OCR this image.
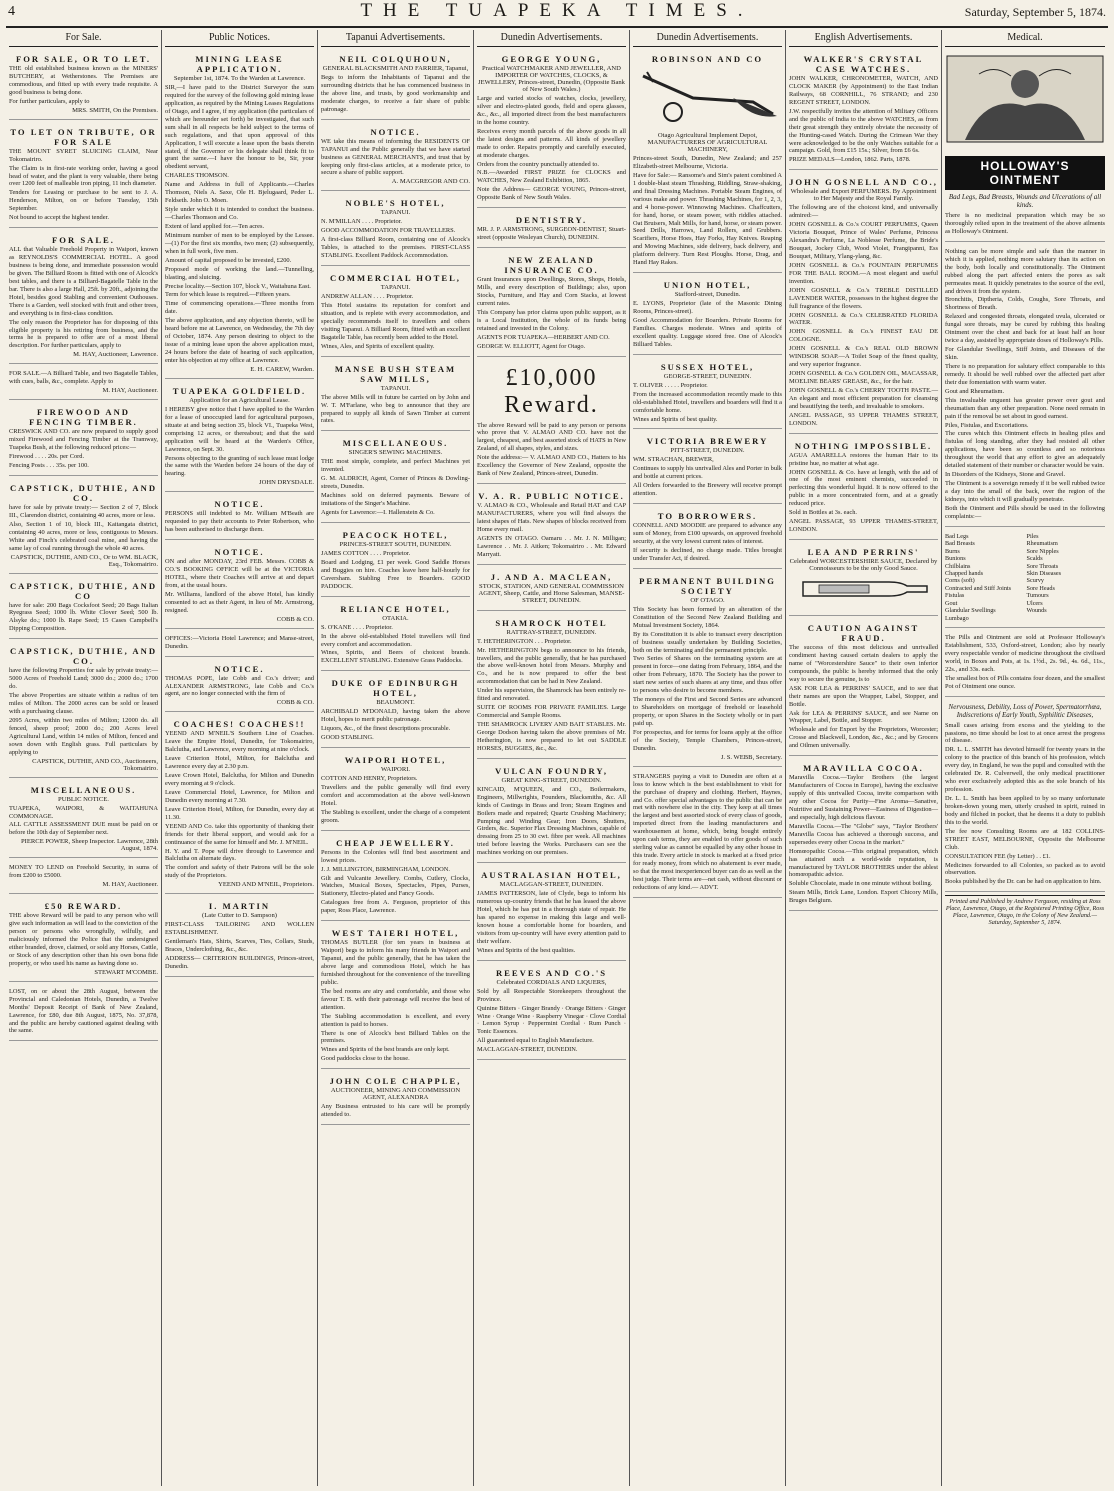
4	THE TUAPEKA TIMES.	Saturday, September 5, 1874.
For Sale.
FOR SALE, OR TO LET.

THE old established business known as the MINERS' BUTCHERY, at Wetherstones. The Premises are commodious, and fitted up with every trade requisite. A good business is being done.

For further particulars, apply to

MRS. SMITH, On the Premises.
TO LET ON TRIBUTE, OR FOR SALE

THE MOUNT SYRET SLUICING CLAIM, Near Tokomairiro.

The Claim is in first-rate working order, having a good head of water, and the plant is very valuable, there being over 1200 feet of malleable iron piping, 11 inch diameter.

Tenders for Leasing or purchase to be sent to J. A. Henderson, Milton, on or before Tuesday, 15th September.

Not bound to accept the highest tender.

FOR SALE.

ALL that Valuable Freehold Property in Waipori, known as REYNOLDS'S COMMERCIAL HOTEL. A good business is being done, and immediate possession would be given. The Billiard Room is fitted with one of Alcock's best tables, and there is a Billiard-Bagatelle Table in the bar. There is also a large Hall, 25ft. by 20ft., adjoining the Hotel, besides good Stabling and convenient Outhouses. There is a Garden, well stocked with fruit and other trees, and everything is in first-class condition.

The only reason the Proprietor has for disposing of this eligible property is his retiring from business, and the terms he is prepared to offer are of a most liberal description. For further particulars, apply to

M. HAY, Auctioneer, Lawrence.

FOR SALE.—A Billiard Table, and two Bagatelle Tables, with cues, balls, &c., complete. Apply to

M. HAY, Auctioneer.
FIREWOOD AND FENCING TIMBER.

CRESWICK AND CO. are now prepared to supply good mixed Firewood and Fencing Timber at the Tramway, Tuapeka Bush, at the following reduced prices:—

Firewood . . . . 20s. per Cord.

Fencing Posts . . . 35s. per 100.

CAPSTICK, DUTHIE, AND CO.

have for sale by private treaty:— Section 2 of 7, Block III., Clarendon district, containing 40 acres, more or less.

Also, Section 1 of 10, block III., Kaitangata district, containing 40 acres, more or less, contiguous to Messrs. White and Finch's celebrated coal mine, and having the same lay of coal running through the whole 40 acres.

CAPSTICK, DUTHIE, AND CO., Or to WM. BLACK, Esq., Tokomairiro.
CAPSTICK, DUTHIE, AND CO

have for sale: 200 Bags Cocksfoot Seed; 20 Bags Italian Ryegrass Seed; 1000 lb. White Clover Seed; 500 lb. Alsyke do.; 1000 lb. Rape Seed; 15 Cases Campbell's Dipping Composition.

CAPSTICK, DUTHIE, AND CO.

have the following Properties for sale by private treaty:— 5000 Acres of Freehold Land; 3000 do.; 2000 do.; 1700 do.

The above Properties are situate within a radius of ten miles of Milton. The 2000 acres can be sold or leased with a purchasing clause.

2095 Acres, within two miles of Milton; 12000 do. all fenced, sheep proof; 2000 do.; 200 Acres level Agricultural Land, within 14 miles of Milton, fenced and sown down with English grass. Full particulars by applying to

CAPSTICK, DUTHIE, AND CO., Auctioneers, Tokomairiro.
MISCELLANEOUS.
PUBLIC NOTICE.

TUAPEKA, WAIPORI, & WAITAHUNA COMMONAGE.

ALL CATTLE ASSESSMENT DUE must be paid on or before the 10th day of September next.

PIERCE POWER, Sheep Inspector. Lawrence, 28th August, 1874.

MONEY TO LEND on Freehold Security, in sums of from £200 to £5000.

M. HAY, Auctioneer.
£50 REWARD.

THE above Reward will be paid to any person who will give such information as will lead to the conviction of the person or persons who wrongfully, wilfully, and maliciously informed the Police that the undersigned either branded, drove, claimed, or sold any Horses, Cattle, or Stock of any description other than his own bona fide property, or who used his name as having done so.

STEWART M'COMBE.

LOST, on or about the 28th August, between the Provincial and Caledonian Hotels, Dunedin, a Twelve Months' Deposit Receipt of Bank of New Zealand, Lawrence, for £80, due 8th August, 1875, No. 37,878, and the public are hereby cautioned against dealing with the same.

Public Notices.
MINING LEASE APPLICATION.
September 1st, 1874. To the Warden at Lawrence.

SIR,—I have paid to the District Surveyor the sum required for the survey of the following gold mining lease application, as required by the Mining Leases Regulations of Otago, and I agree, if my application (the particulars of which are hereunder set forth) be investigated, that such sum shall in all respects be held subject to the terms of such regulations, and that upon approval of this Application, I will execute a lease upon the basis therein stated, if the Governor or his delegate shall think fit to grant the same.—I have the honour to be, Sir, your obedient servant,

CHARLES THOMSON.

Name and Address in full of Applicants.—Charles Thomson, Niels A. Saxe, Ole H. Bjelugaard, Peder L. Feldseth. John O. Moen.

Style under which it is intended to conduct the business.—Charles Thomson and Co.

Extent of land applied for.—Ten acres.

Minimum number of men to be employed by the Lessee.—(1) For the first six months, two men; (2) subsequently, when in full work, five men.

Amount of capital proposed to be invested, £200.

Proposed mode of working the land.—Tunnelling, blasting, and sluicing.

Precise locality.—Section 107, block V., Waitahuna East.

Term for which lease is required.—Fifteen years.

Time of commencing operations.—Three months from date.

The above application, and any objection thereto, will be heard before me at Lawrence, on Wednesday, the 7th day of October, 1874. Any person desiring to object to the issue of a mining lease upon the above application must, 24 hours before the date of hearing of such application, enter his objection at my office at Lawrence.

E. H. CAREW, Warden.
TUAPEKA GOLDFIELD.
Application for an Agricultural Lease.

I HEREBY give notice that I have applied to the Warden for a lease of unoccupied land for agricultural purposes, situate at and being section 35, block VI., Tuapeka West, comprising 12 acres, or thereabout; and that the said application will be heard at the Warden's Office, Lawrence, on Sept. 30.

Persons objecting to the granting of such lease must lodge the same with the Warden before 24 hours of the day of hearing.

JOHN DRYSDALE.
NOTICE.

PERSONS still indebted to Mr. William M'Beath are requested to pay their accounts to Peter Robertson, who has been authorised to discharge them.

NOTICE.

ON and after MONDAY, 23rd FEB. Messrs. COBB & CO.'S BOOKING OFFICE will be at the VICTORIA HOTEL, where their Coaches will arrive at and depart from, at the usual hours.

Mr. Williams, landlord of the above Hotel, has kindly consented to act as their Agent, in lieu of Mr. Armstrong, resigned.

COBB & CO.

OFFICES:—Victoria Hotel Lawrence; and Manse-street, Dunedin.

NOTICE.

THOMAS POPE, late Cobb and Co.'s driver; and ALEXANDER ARMSTRONG, late Cobb and Co.'s agent, are no longer connected with the firm of

COBB & CO.
COACHES! COACHES!!

YEEND AND M'NEIL'S Southern Line of Coaches. Leave the Empire Hotel, Dunedin, for Tokomairiro, Balclutha, and Lawrence, every morning at nine o'clock.

Leave Criterion Hotel, Milton, for Balclutha and Lawrence every day at 2.30 p.m.

Leave Crown Hotel, Balclutha, for Milton and Dunedin every morning at 9 o'clock.

Leave Commercial Hotel, Lawrence, for Milton and Dunedin every morning at 7.30.

Leave Criterion Hotel, Milton, for Dunedin, every day at 11.30.

YEEND AND Co. take this opportunity of thanking their friends for their liberal support, and would ask for a continuance of the same for himself and Mr. J. M'NEIL.

H. Y. and T. Pope will drive through to Lawrence and Balclutha on alternate days.

The comfort and safety of their Patrons will be the sole study of the Proprietors.

YEEND AND M'NEIL, Proprietors.
I. MARTIN
(Late Cutter to D. Sampson)

FIRST-CLASS TAILORING AND WOLLEN ESTABLISHMENT.

Gentleman's Hats, Shirts, Scarves, Ties, Collars, Studs, Braces, Underclothing, &c., &c.

ADDRESS— CRITERION BUILDINGS, Princes-street, Dunedin.

Tapanui Advertisements.
NEIL COLQUHOUN,
GENERAL BLACKSMITH AND FARRIER, Tapanui,

Begs to inform the Inhabitants of Tapanui and the surrounding districts that he has commenced business in the above line, and trusts, by good workmanship and moderate charges, to receive a fair share of public patronage.

NOTICE.

WE take this means of informing the RESIDENTS OF TAPANUI and the Public generally that we have started business as GENERAL MERCHANTS, and trust that by keeping only first-class articles, at a moderate price, to secure a share of public support.

A. MACGREGOR AND CO.
NOBLE'S HOTEL,
TAPANUI.

N. M'MILLAN . . . . Proprietor.

GOOD ACCOMMODATION FOR TRAVELLERS.

A first-class Billiard Room, containing one of Alcock's Tables, is attached to the premises. FIRST-CLASS STABLING. Excellent Paddock Accommodation.

COMMERCIAL HOTEL,
TAPANUI.

ANDREW ALLAN . . . . Proprietor.

This Hotel sustains its reputation for comfort and situation, and is replete with every accommodation, and specially recommends itself to travellers and others visiting Tapanui. A Billiard Room, fitted with an excellent Bagatelle Table, has recently been added to the Hotel.

Wines, Ales, and Spirits of excellent quality.

MANSE BUSH STEAM SAW MILLS,
TAPANUI.

The above Mills will in future be carried on by John and W. T. M'Farlane, who beg to announce that they are prepared to supply all kinds of Sawn Timber at current rates.

MISCELLANEOUS.
SINGER'S SEWING MACHINES.

THE most simple, complete, and perfect Machines yet invented.

G. M. ALDRICH, Agent, Corner of Princes & Dowling-streets, Dunedin.

Machines sold on deferred payments. Beware of imitations of the Singer's Machine.

Agents for Lawrence:—I. Hallenstein & Co.

PEACOCK HOTEL,
PRINCES-STREET SOUTH, DUNEDIN.

JAMES COTTON . . . . Proprietor.

Board and Lodging, £1 per week. Good Saddle Horses and Buggies on hire. Coaches leave here half-hourly for Caversham. Stabling Free to Boarders. GOOD PADDOCK.

RELIANCE HOTEL,
OTAKIA.

S. O'KANE . . . . Proprietor.

In the above old-established Hotel travellers will find every comfort and accommodation.

Wines, Spirits, and Beers of choicest brands. EXCELLENT STABLING. Extensive Grass Paddocks.

DUKE OF EDINBURGH HOTEL,
BEAUMONT.

ARCHIBALD M'DONALD, having taken the above Hotel, hopes to merit public patronage.

Liquors, &c., of the finest descriptions procurable.

GOOD STABLING.

WAIPORI HOTEL,
WAIPORI.

COTTON AND HENRY, Proprietors.

Travellers and the public generally will find every comfort and accommodation at the above well-known Hotel.

The Stabling is excellent, under the charge of a competent groom.

CHEAP JEWELLERY.

Persons in the Colonies will find best assortment and lowest prices.

J. J. MILLINGTON, BIRMINGHAM, LONDON.

Gilt and Vulcanite Jewellery. Combs, Cutlery, Clocks, Watches, Musical Boxes, Spectacles, Pipes, Purses, Stationery, Electro-plated and Fancy Goods.

Catalogues free from A. Ferguson, proprietor of this paper, Ross Place, Lawrence.

WEST TAIERI HOTEL,

THOMAS BUTLER (for ten years in business at Waipori) begs to inform his many friends in Waipori and Tapanui, and the public generally, that he has taken the above large and commodious Hotel, which he has furnished throughout for the convenience of the travelling public.

The bed rooms are airy and comfortable, and those who favour T. B. with their patronage will receive the best of attention.

The Stabling accommodation is excellent, and every attention is paid to horses.

There is one of Alcock's best Billiard Tables on the premises.

Wines and Spirits of the best brands are only kept.

Good paddocks close to the house.

JOHN COLE CHAPPLE,
AUCTIONEER, MINING AND COMMISSION AGENT, ALEXANDRA

Any Business entrusted to his care will be promptly attended to.

Dunedin Advertisements.
GEORGE YOUNG,
Practical WATCHMAKER AND JEWELLER, AND IMPORTER OF WATCHES, CLOCKS, & JEWELLERY, Princes-street, Dunedin, (Opposite Bank of New South Wales.)

Large and varied stocks of watches, clocks, jewellery, silver and electro-plated goods, field and opera glasses, &c., &c., all imported direct from the best manufacturers in the home country.

Receives every month parcels of the above goods in all the latest designs and patterns. All kinds of jewellery made to order. Repairs promptly and carefully executed, at moderate charges.

Orders from the country punctually attended to.

N.B.—Awarded FIRST PRIZE for CLOCKS and WATCHES, New Zealand Exhibition, 1865.

Note the Address— GEORGE YOUNG, Princes-street, Opposite Bank of New South Wales.

DENTISTRY.

MR. J. P. ARMSTRONG, SURGEON-DENTIST, Stuart-street (opposite Wesleyan Church), DUNEDIN.

NEW ZEALAND INSURANCE CO.

Grant Insurances upon Dwellings, Stores, Shops, Hotels, Mills, and every description of Buildings; also, upon Stocks, Furniture, and Hay and Corn Stacks, at lowest current rates.

This Company has prior claims upon public support, as it is a Local Institution, the whole of its funds being retained and invested in the Colony.

AGENTS FOR TUAPEKA—HERBERT AND CO.

GEORGE W. ELLIOTT, Agent for Otago.

£10,000 Reward.

The above Reward will be paid to any person or persons who prove that V. ALMAO AND CO. have not the largest, cheapest, and best assorted stock of HATS in New Zealand, of all shapes, styles, and sizes.

Note the address:— V. ALMAO AND CO., Hatters to his Excellency the Governor of New Zealand, opposite the Bank of New Zealand, Princes-street, Dunedin.

V. A. R. PUBLIC NOTICE.

V. ALMAO & CO., Wholesale and Retail HAT and CAP MANUFACTURERS, where you will find always the latest shapes of Hats. New shapes of blocks received from Home every mail.

AGENTS IN OTAGO. Oamaru . . Mr. J. N. Milligan; Lawrence . . Mr. J. Aitken; Tokomairiro . . Mr. Edward Marryatt.

J. AND A. MACLEAN,
STOCK, STATION, AND GENERAL COMMISSION AGENT, Sheep, Cattle, and Horse Salesman, MANSE-STREET, DUNEDIN.
SHAMROCK HOTEL
RATTRAY-STREET, DUNEDIN.

T. HETHERINGTON . . . Proprietor.

Mr. HETHERINGTON begs to announce to his friends, travellers, and the public generally, that he has purchased the above well-known hotel from Messrs. Murphy and Co., and he is now prepared to offer the best accommodation that can be had in New Zealand.

Under his supervision, the Shamrock has been entirely re-fitted and renovated.

SUITE OF ROOMS FOR PRIVATE FAMILIES. Large Commercial and Sample Rooms.

THE SHAMROCK LIVERY AND BAIT STABLES. Mr. George Dodson having taken the above premises of Mr. Hetherington, is now prepared to let out SADDLE HORSES, BUGGIES, &c., &c.

VULCAN FOUNDRY,
GREAT KING-STREET, DUNEDIN.

KINCAID, M'QUEEN, and CO., Boilermakers, Engineers, Millwrights, Founders, Blacksmiths, &c. All kinds of Castings in Brass and Iron; Steam Engines and Boilers made and repaired; Quartz Crushing Machinery; Pumping and Winding Gear; Iron Doors, Shutters, Girders, &c. Superior Flax Dressing Machines, capable of dressing from 25 to 30 cwt. fibre per week. All machines tried before leaving the Works. Purchasers can see the machines working on our premises.

AUSTRALASIAN HOTEL,
MACLAGGAN-STREET, DUNEDIN.

JAMES PATTERSON, late of Clyde, begs to inform his numerous up-country friends that he has leased the above Hotel, which he has put in a thorough state of repair. He has spared no expense in making this large and well-known house a comfortable home for boarders, and visitors from up-country will have every attention paid to their welfare.

Wines and Spirits of the best qualities.

REEVES AND CO.'S
Celebrated CORDIALS AND LIQUERS,

Sold by all Respectable Storekeepers throughout the Province.

Quinine Bitters · Ginger Brandy · Orange Bitters · Ginger Wine · Orange Wine · Raspberry Vinegar · Clove Cordial · Lemon Syrup · Peppermint Cordial · Rum Punch · Tonic Essences.

All guaranteed equal to English Manufacture.

MACLAGGAN-STREET, DUNEDIN.

Dunedin Advertisements.
ROBINSON AND CO
Otago Agricultural Implement Depot, MANUFACTURERS OF AGRICULTURAL MACHINERY,

Princes-street South, Dunedin, New Zealand; and 257 Elizabeth-street Melbourne, Victoria.

Have for Sale:— Ransome's and Sim's patent combined A 1 double-blast steam Thrashing, Riddling, Straw-shaking, and final Dressing Machines. Portable Steam Engines, of various make and power. Thrashing Machines, for 1, 2, 3, and 4 horse-power. Winnowing Machines. Chaffcutters, for hand, horse, or steam power, with riddles attached. Oat Bruisers, Malt Mills, for hand, horse, or steam power. Seed Drills, Harrows, Land Rollers, and Grubbers. Scarifiers, Horse Hoes, Hay Forks, Hay Knives. Reaping and Mowing Machines, side delivery, back delivery, and platform delivery. Turn Rest Ploughs. Horse, Drag, and Hand Hay Rakes.

UNION HOTEL,
Stafford-street, Dunedin.

E. LYONS, Proprietor (late of the Masonic Dining Rooms, Princes-street).

Good Accommodation for Boarders. Private Rooms for Families. Charges moderate. Wines and spirits of excellent quality. Luggage stored free. One of Alcock's Billiard Tables.

SUSSEX HOTEL,
GEORGE-STREET, DUNEDIN.

T. OLIVER . . . . . Proprietor.

From the increased accommodation recently made to this old-established Hotel, travellers and boarders will find it a comfortable home.

Wines and Spirits of best quality.

VICTORIA BREWERY
PITT-STREET, DUNEDIN.

WM. STRACHAN, BREWER,

Continues to supply his unrivalled Ales and Porter in bulk and bottle at current prices.

All Orders forwarded to the Brewery will receive prompt attention.

TO BORROWERS.

CONNELL AND MOODIE are prepared to advance any sum of Money, from £100 upwards, on approved freehold security, at the very lowest current rates of interest.

If security is declined, no charge made. Titles brought under Transfer Act, if desired.

PERMANENT BUILDING SOCIETY
OF OTAGO.

This Society has been formed by an alteration of the Constitution of the Second New Zealand Building and Mutual Investment Society, 1864.

By its Constitution it is able to transact every description of business usually undertaken by Building Societies, both on the terminating and the permanent principle.

Two Series of Shares on the terminating system are at present in force—one dating from February, 1864, and the other from February, 1870. The Society has the power to start new series of such shares at any time, and thus offer to persons who desire to become members.

The moneys of the First and Second Series are advanced to Shareholders on mortgage of freehold or leasehold property, or upon Shares in the Society wholly or in part paid up.

For prospectus, and for terms for loans apply at the office of the Society, Temple Chambers, Princes-street, Dunedin.

J. S. WEBB, Secretary.

STRANGERS paying a visit to Dunedin are often at a loss to know which is the best establishment to visit for the purchase of drapery and clothing. Herbert, Haynes, and Co. offer special advantages to the public that can be met with nowhere else in the city. They keep at all times the largest and best assorted stock of every class of goods, imported direct from the leading manufacturers and warehousemen at home, which, being bought entirely upon cash terms, they are enabled to offer goods of such sterling value as cannot be equalled by any other house in this trade. Every article in stock is marked at a fixed price for ready money, from which no abatement is ever made, so that the most inexperienced buyer can do as well as the best judge. Their terms are—net cash, without discount or reductions of any kind.— ADVT.

English Advertisements.
WALKER'S CRYSTAL CASE WATCHES.

JOHN WALKER, CHRONOMETER, WATCH, AND CLOCK MAKER (by Appointment) to the East Indian Railways, 68 CORNHILL, 76 STRAND; and 230 REGENT STREET, LONDON.

J.W. respectfully invites the attention of Military Officers and the public of India to the above WATCHES, as from their great strength they entirely obviate the necessity of the Hunting-cased Watch. During the Crimean War they were acknowledged to be the only Watches suitable for a campaign. Gold, from £15 15s.; Silver, from £6 6s.

PRIZE MEDALS—London, 1862. Paris, 1878.

JOHN GOSNELL AND CO.,
Wholesale and Export PERFUMERS. By Appointment to Her Majesty and the Royal Family.

The following are of the choicest kind, and universally admired:—

JOHN GOSNELL & Co.'s COURT PERFUMES, Queen Victoria Bouquet, Prince of Wales' Perfume, Princess Alexandra's Perfume, La Noblesse Perfume, the Bride's Bouquet, Jockey Club, Wood Violet, Frangipanni, Ess Bouquet, Military, Ylang-ylang, &c.

JOHN GOSNELL & Co.'s FOUNTAIN PERFUMES FOR THE BALL ROOM.—A most elegant and useful invention.

JOHN GOSNELL & Co.'s TREBLE DISTILLED LAVENDER WATER, possesses in the highest degree the full fragrance of the flowers.

JOHN GOSNELL & Co.'s CELEBRATED FLORIDA WATER.

JOHN GOSNELL & Co.'s FINEST EAU DE COLOGNE.

JOHN GOSNELL & Co.'s REAL OLD BROWN WINDSOR SOAP.—A Toilet Soap of the finest quality, and very superior fragrance.

JOHN GOSNELL & Co.'s GOLDEN OIL, MACASSAR, MOELINE BEARS' GREASE, &c., for the hair.

JOHN GOSNELL & Co.'s CHERRY TOOTH PASTE.—An elegant and most efficient preparation for cleansing and beautifying the teeth, and invaluable to smokers.

ANGEL PASSAGE, 93 UPPER THAMES STREET, LONDON.

NOTHING IMPOSSIBLE.

AGUA AMARELLA restores the human Hair to its pristine hue, no matter at what age.

JOHN GOSNELL & Co. have at length, with the aid of one of the most eminent chemists, succeeded in perfecting this wonderful liquid. It is now offered to the public in a more concentrated form, and at a greatly reduced price.

Sold in Bottles at 3s. each.

ANGEL PASSAGE, 93 UPPER THAMES-STREET, LONDON.

LEA AND PERRINS'
Celebrated WORCESTERSHIRE SAUCE, Declared by Connoisseurs to be the only Good Sauce.
CAUTION AGAINST FRAUD.

The success of this most delicious and unrivalled condiment having caused certain dealers to apply the name of "Worcestershire Sauce" to their own inferior compounds, the public is hereby informed that the only way to secure the genuine, is to

ASK FOR LEA & PERRINS' SAUCE, and to see that their names are upon the Wrapper, Label, Stopper, and Bottle.

Ask for LEA & PERRINS' SAUCE, and see Name on Wrapper, Label, Bottle, and Stopper.

Wholesale and for Export by the Proprietors, Worcester; Crosse and Blackwell, London, &c., &c.; and by Grocers and Oilmen universally.

MARAVILLA COCOA.

Maravilla Cocoa.—Taylor Brothers (the largest Manufacturers of Cocoa in Europe), having the exclusive supply of this unrivalled Cocoa, invite comparison with any other Cocoa for Purity—Fine Aroma—Sanative, Nutritive and Sustaining Power—Easiness of Digestion—and especially, high delicious flavour.

Maravilla Cocoa.—The "Globe" says, "Taylor Brothers' Maravilla Cocoa has achieved a thorough success, and supersedes every other Cocoa in the market."

Homœopathic Cocoa.—This original preparation, which has attained such a world-wide reputation, is manufactured by TAYLOR BROTHERS under the ablest homœopathic advice.

Soluble Chocolate, made in one minute without boiling.

Steam Mills, Brick Lane, London. Export Chicory Mills, Bruges Belgium.

Medical.
HOLLOWAY'S OINTMENT
Bad Legs, Bad Breasts, Wounds and Ulcerations of all kinds.

There is no medicinal preparation which may be so thoroughly relied upon in the treatment of the above ailments as Holloway's Ointment.

Nothing can be more simple and safe than the manner in which it is applied, nothing more salutary than its action on the body, both locally and constitutionally. The Ointment rubbed along the part affected enters the pores as salt permeates meat. It quickly penetrates to the source of the evil, and drives it from the system.

Bronchitis, Diptheria, Colds, Coughs, Sore Throats, and Shortness of Breath.

Relaxed and congested throats, elongated uvula, ulcerated or fungal sore throats, may be cured by rubbing this healing Ointment over the chest and back for at least half an hour twice a day, assisted by appropriate doses of Holloway's Pills.

For Glandular Swellings, Stiff Joints, and Diseases of the Skin.

There is no preparation for salutary effect comparable to this remedy. It should be well rubbed over the affected part after their due fomentation with warm water.

Gout and Rheumatism.

This invaluable unguent has greater power over gout and rheumatism than any other preparation. None need remain in pain if the removal be set about in good earnest.

Piles, Fistulas, and Excoriations.

The cures which this Ointment effects in healing piles and fistulas of long standing, after they had resisted all other applications, have been so countless and so notorious throughout the world that any effort to give an adequately detailed statement of their number or character would be vain.

In Disorders of the Kidneys, Stone and Gravel.

The Ointment is a sovereign remedy if it be well rubbed twice a day into the small of the back, over the region of the kidneys, into which it will gradually penetrate.

Both the Ointment and Pills should be used in the following complaints:—

Bad Legs
Bad Breasts
Burns
Bunions
Chilblains
Chapped hands
Corns (soft)
Contracted and Stiff Joints
Fistulas
Gout
Glandular Swellings
Lumbago
Piles
Rheumatism
Sore Nipples
Scalds
Sore Throats
Skin Diseases
Scurvy
Sore Heads
Tumours
Ulcers
Wounds

The Pills and Ointment are sold at Professor Holloway's Establishment, 533, Oxford-street, London; also by nearly every respectable vendor of medicine throughout the civilised world, in Boxes and Pots, at 1s. 1½d., 2s. 9d., 4s. 6d., 11s., 22s., and 33s. each.

The smallest box of Pills contains four dozen, and the smallest Pot of Ointment one ounce.

Nervousness, Debility, Loss of Power, Spermatorrhœa, Indiscretions of Early Youth, Syphilitic Diseases,

Small cases arising from excess and the yielding to the passions, no time should be lost to at once arrest the progress of disease.

DR. L. L. SMITH has devoted himself for twenty years in the colony to the practice of this branch of his profession, which every day, in England, he was the pupil and consulted with the celebrated Dr. R. Culverwell, the only medical practitioner who ever exclusively adopted this as the sole branch of his profession.

Dr. L. L. Smith has been applied to by so many unfortunate broken-down young men, utterly crushed in spirit, ruined in body and filched in pocket, that he deems it a duty to publish this to the world.

The fee now Consulting Rooms are at 182 COLLINS-STREET EAST, MELBOURNE, Opposite the Melbourne Club.

CONSULTATION FEE (by Letter) . . £1.

Medicines forwarded to all Colonies, so packed as to avoid observation.

Books published by the Dr. can be had on application to him.

Printed and Published by Andrew Ferguson, residing at Ross Place, Lawrence, Otago, at the Registered Printing Office, Ross Place, Lawrence, Otago, in the Colony of New Zealand.—Saturday, September 5, 1874.
